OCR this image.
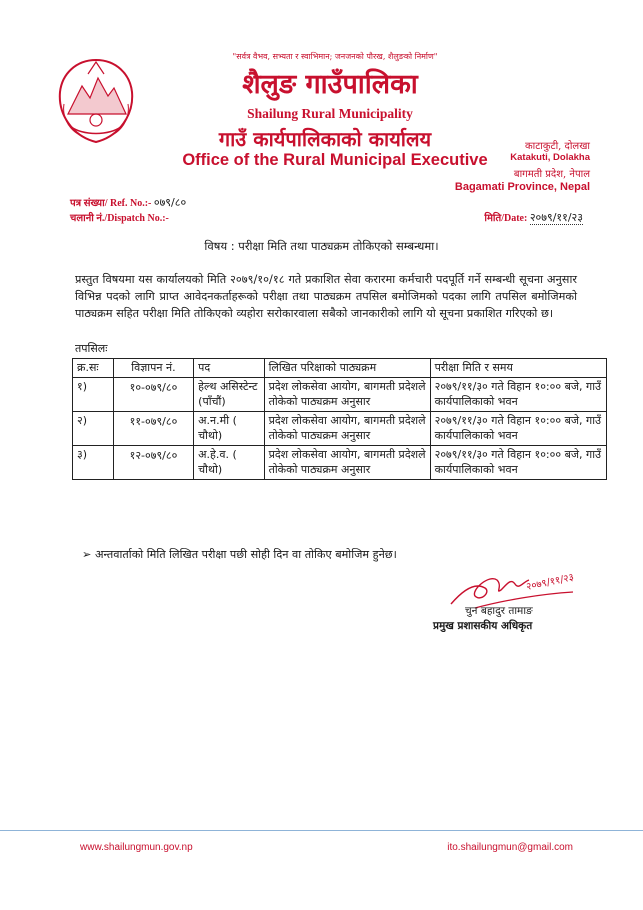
"सर्वत्र वैभव, सभ्यता र स्वाभिमान; जनजनको पौरख, शैलुङको निर्माण"
शैलुङ गाउँपालिका
Shailung Rural Municipality
गाउँ कार्यपालिकाको कार्यालय
Office of the Rural Municipal Executive
काटाकुटी, दोलखा
Katakuti, Dolakha
बागमती प्रदेश, नेपाल
Bagamati Province, Nepal
पत्र संख्या/ Ref. No.:- ०७९/८०
चलानी नं./Dispatch No.:-	मिति/Date: २०७९/११/२३
विषय : परीक्षा मिति तथा पाठ्यक्रम तोकिएको सम्बन्धमा।
प्रस्तुत विषयमा यस कार्यालयको मिति २०७९/१०/१८ गते प्रकाशित सेवा करारमा कर्मचारी पदपूर्ति गर्ने सम्बन्धी सूचना अनुसार विभिन्न पदको लागि प्राप्त आवेदनकर्ताहरूको परीक्षा तथा पाठ्यक्रम तपसिल बमोजिमको पदका लागि तपसिल बमोजिमको पाठ्यक्रम सहित परीक्षा मिति तोकिएको व्यहोरा सरोकारवाला सबैको जानकारीको लागि यो सूचना प्रकाशित गरिएको छ।
तपसिलः
क्र.सः	विज्ञापन नं.	पद	लिखित परिक्षाको पाठ्यक्रम	परीक्षा मिति र समय
१)	१०-०७९/८०	हेल्थ असिस्टेन्ट (पाँचौं)	प्रदेश लोकसेवा आयोग, बागमती प्रदेशले तोकेको पाठ्यक्रम अनुसार	२०७९/११/३० गते विहान १०:०० बजे, गाउँ कार्यपालिकाको भवन
२)	११-०७९/८०	अ.न.मी ( चौथो)	प्रदेश लोकसेवा आयोग, बागमती प्रदेशले तोकेको पाठ्यक्रम अनुसार	२०७९/११/३० गते विहान १०:०० बजे, गाउँ कार्यपालिकाको भवन
३)	१२-०७९/८०	अ.हे.व. ( चौथो)	प्रदेश लोकसेवा आयोग, बागमती प्रदेशले तोकेको पाठ्यक्रम अनुसार	२०७९/११/३० गते विहान १०:०० बजे, गाउँ कार्यपालिकाको भवन
➢ अन्तवार्ताको मिति लिखित परीक्षा पछी सोही दिन वा तोकिए बमोजिम हुनेछ।
२०७९/११/२३
चुन बहादुर तामाङ
प्रमुख प्रशासकीय अधिकृत
www.shailungmun.gov.np	ito.shailungmun@gmail.com
